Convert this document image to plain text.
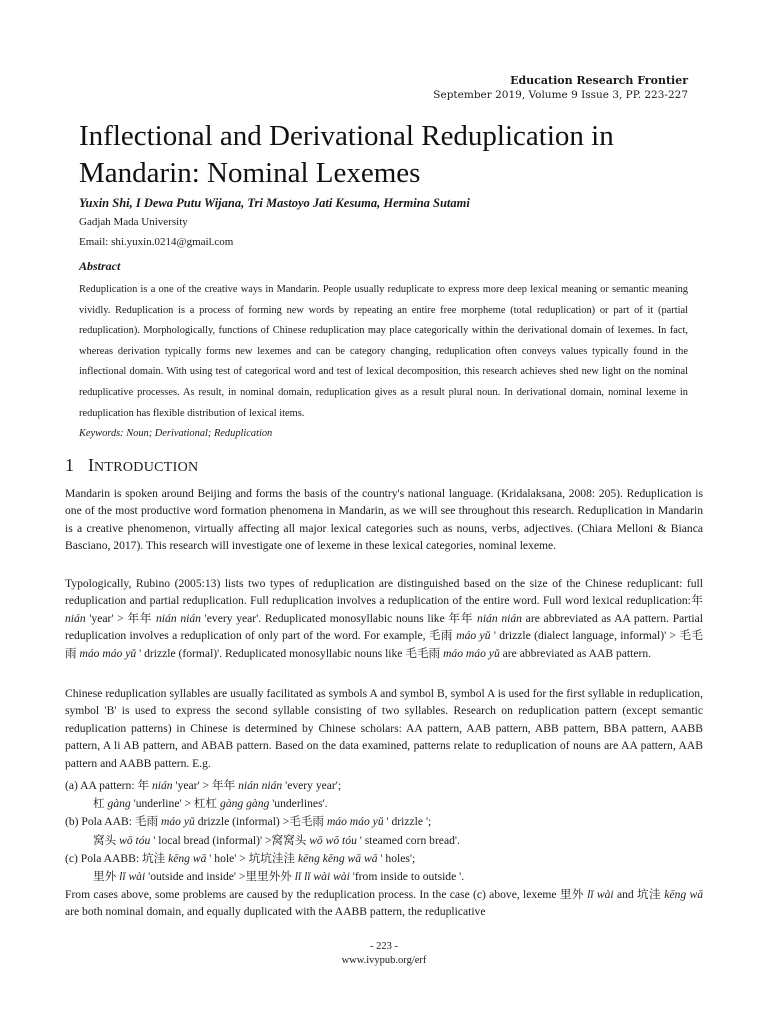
Education Research Frontier
September 2019, Volume 9 Issue 3, PP. 223-227
Inflectional and Derivational Reduplication in Mandarin: Nominal Lexemes
Yuxin Shi, I Dewa Putu Wijana, Tri Mastoyo Jati Kesuma, Hermina Sutami
Gadjah Mada University
Email: shi.yuxin.0214@gmail.com
Abstract
Reduplication is a one of the creative ways in Mandarin. People usually reduplicate to express more deep lexical meaning or semantic meaning vividly. Reduplication is a process of forming new words by repeating an entire free morpheme (total reduplication) or part of it (partial reduplication). Morphologically, functions of Chinese reduplication may place categorically within the derivational domain of lexemes. In fact, whereas derivation typically forms new lexemes and can be category changing, reduplication often conveys values typically found in the inflectional domain. With using test of categorical word and test of lexical decomposition, this research achieves shed new light on the nominal reduplicative processes. As result, in nominal domain, reduplication gives as a result plural noun. In derivational domain, nominal lexeme in reduplication has flexible distribution of lexical items.
Keywords: Noun; Derivational; Reduplication
1 INTRODUCTION

Mandarin is spoken around Beijing and forms the basis of the country's national language. (Kridalaksana, 2008: 205). Reduplication is one of the most productive word formation phenomena in Mandarin, as we will see throughout this research. Reduplication in Mandarin is a creative phenomenon, virtually affecting all major lexical categories such as nouns, verbs, adjectives. (Chiara Melloni & Bianca Basciano, 2017). This research will investigate one of lexeme in these lexical categories, nominal lexeme.

Typologically, Rubino (2005:13) lists two types of reduplication are distinguished based on the size of the Chinese reduplicant: full reduplication and partial reduplication. Full reduplication involves a reduplication of the entire word. Full word lexical reduplication:年 nián 'year' > 年年 nián nián 'every year'. Reduplicated monosyllabic nouns like 年年 nián nián are abbreviated as AA pattern. Partial reduplication involves a reduplication of only part of the word. For example, 毛雨 máo yǔ ' drizzle (dialect language, informal)' > 毛毛雨 máo máo yǔ ' drizzle (formal)'. Reduplicated monosyllabic nouns like 毛毛雨 máo máo yǔ are abbreviated as AAB pattern.

Chinese reduplication syllables are usually facilitated as symbols A and symbol B, symbol A is used for the first syllable in reduplication, symbol 'B' is used to express the second syllable consisting of two syllables. Research on reduplication pattern (except semantic reduplication patterns) in Chinese is determined by Chinese scholars: AA pattern, AAB pattern, ABB pattern, BBA pattern, AABB pattern, A li AB pattern, and ABAB pattern. Based on the data examined, patterns relate to reduplication of nouns are AA pattern, AAB pattern and AABB pattern. E.g.

(a) AA pattern: 年 nián 'year' > 年年 nián nián 'every year';
杠 gàng 'underline' > 杠杠 gàng gàng 'underlines'.
(b) Pola AAB: 毛雨 máo yǔ drizzle (informal) >毛毛雨 máo máo yǔ ' drizzle ';
窝头 wō tóu ' local bread (informal)' >窝窝头 wō wō tóu ' steamed corn bread'.
(c) Pola AABB: 坑洼 kēng wā ' hole' > 坑坑洼洼 kēng kēng wā wā ' holes';
里外 lǐ wài 'outside and inside' >里里外外 lǐ lǐ wài wài 'from inside to outside '.

From cases above, some problems are caused by the reduplication process. In the case (c) above, lexeme 里外 lǐ wài and 坑洼 kēng wā are both nominal domain, and equally duplicated with the AABB pattern, the reduplicative

- 223 -
www.ivypub.org/erf
